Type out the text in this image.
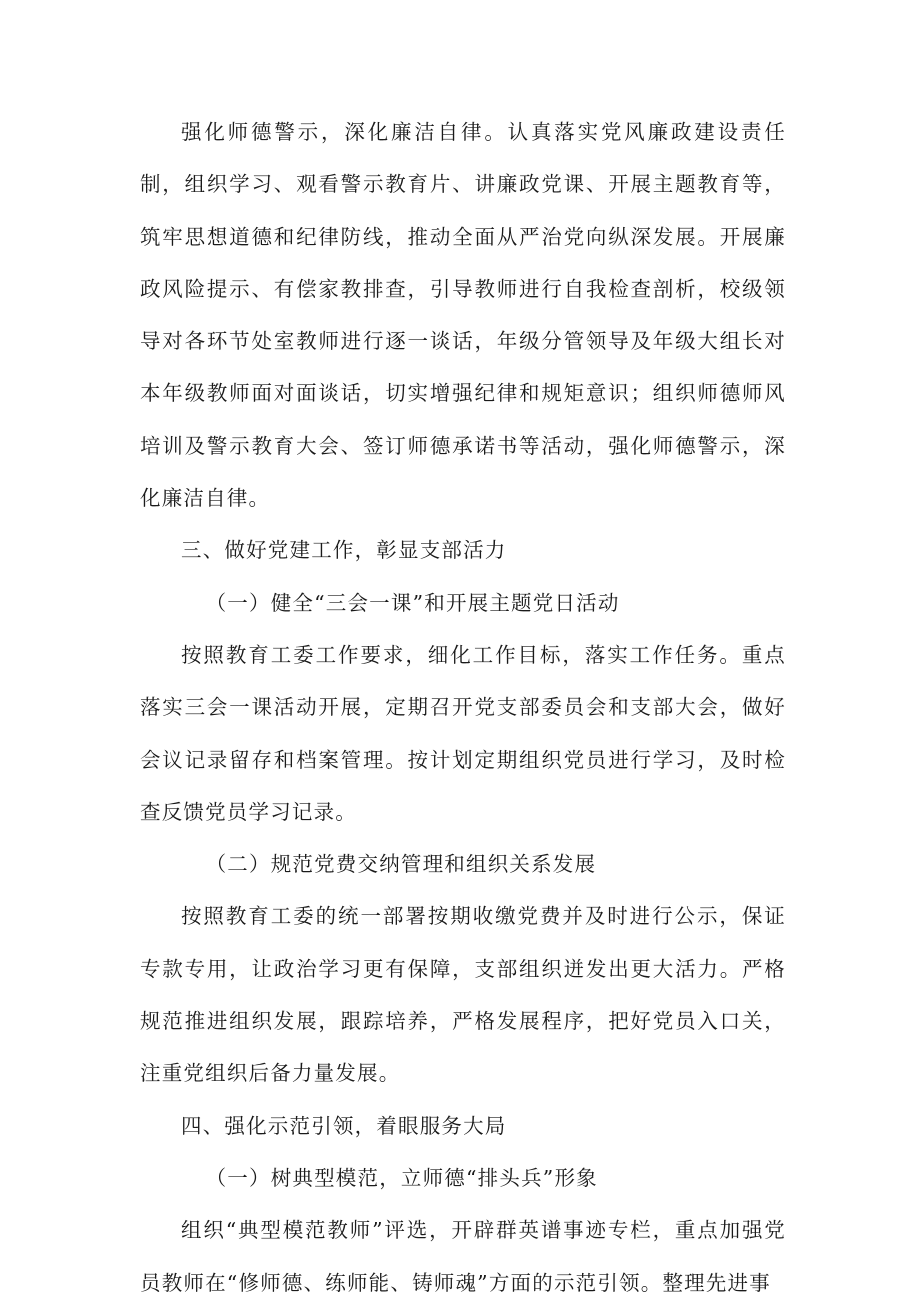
强化师德警示，深化廉洁自律。认真落实党风廉政建设责任制，组织学习、观看警示教育片、讲廉政党课、开展主题教育等，筑牢思想道德和纪律防线，推动全面从严治党向纵深发展。开展廉政风险提示、有偿家教排查，引导教师进行自我检查剖析，校级领导对各环节处室教师进行逐一谈话，年级分管领导及年级大组长对本年级教师面对面谈话，切实增强纪律和规矩意识；组织师德师风培训及警示教育大会、签订师德承诺书等活动，强化师德警示，深化廉洁自律。

三、做好党建工作，彰显支部活力

（一）健全“三会一课”和开展主题党日活动

按照教育工委工作要求，细化工作目标，落实工作任务。重点落实三会一课活动开展，定期召开党支部委员会和支部大会，做好会议记录留存和档案管理。按计划定期组织党员进行学习，及时检查反馈党员学习记录。

（二）规范党费交纳管理和组织关系发展

按照教育工委的统一部署按期收缴党费并及时进行公示，保证专款专用，让政治学习更有保障，支部组织迸发出更大活力。严格规范推进组织发展，跟踪培养，严格发展程序，把好党员入口关，注重党组织后备力量发展。

四、强化示范引领，着眼服务大局

（一）树典型模范，立师德“排头兵”形象

组织“典型模范教师”评选，开辟群英谱事迹专栏，重点加强党员教师在“修师德、练师能、铸师魂”方面的示范引领。整理先进事
